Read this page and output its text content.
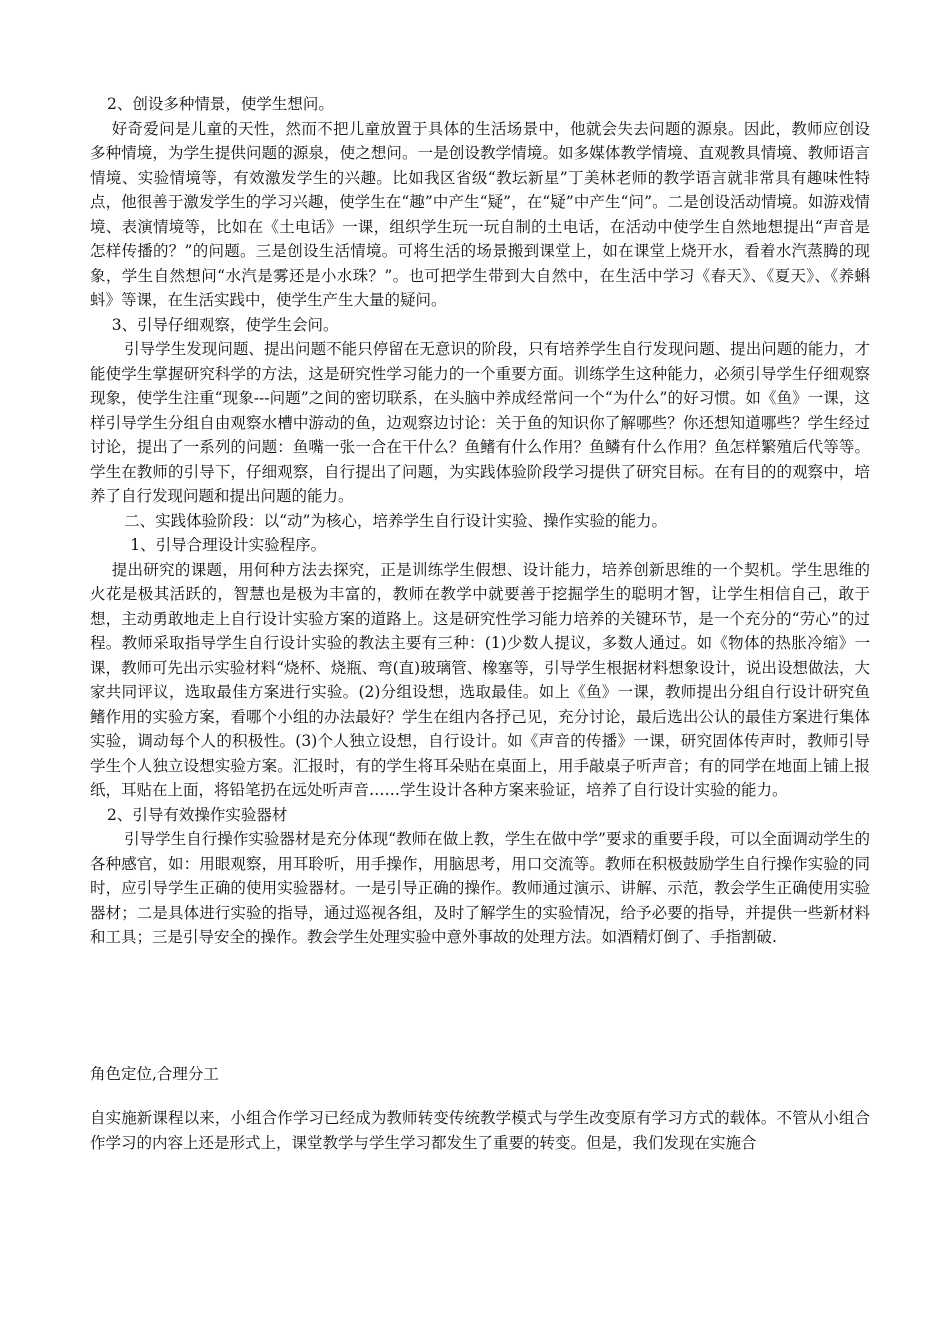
2、创设多种情景，使学生想问。

好奇爱问是儿童的天性，然而不把儿童放置于具体的生活场景中，他就会失去问题的源泉。因此，教师应创设多种情境，为学生提供问题的源泉，使之想问。一是创设教学情境。如多媒体教学情境、直观教具情境、教师语言情境、实验情境等，有效激发学生的兴趣。比如我区省级“教坛新星”丁美林老师的教学语言就非常具有趣味性特点，他很善于激发学生的学习兴趣，使学生在“趣”中产生“疑”，在“疑”中产生“问”。二是创设活动情境。如游戏情境、表演情境等，比如在《土电话》一课，组织学生玩一玩自制的土电话，在活动中使学生自然地想提出“声音是怎样传播的？”的问题。三是创设生活情境。可将生活的场景搬到课堂上，如在课堂上烧开水，看着水汽蒸腾的现象，学生自然想问“水汽是雾还是小水珠？”。也可把学生带到大自然中，在生活中学习《春天》、《夏天》、《养蝌蚪》等课，在生活实践中，使学生产生大量的疑问。

3、引导仔细观察，使学生会问。

引导学生发现问题、提出问题不能只停留在无意识的阶段，只有培养学生自行发现问题、提出问题的能力，才能使学生掌握研究科学的方法，这是研究性学习能力的一个重要方面。训练学生这种能力，必须引导学生仔细观察现象，使学生注重“现象---问题”之间的密切联系，在头脑中养成经常问一个“为什么”的好习惯。如《鱼》一课，这样引导学生分组自由观察水槽中游动的鱼，边观察边讨论：关于鱼的知识你了解哪些？你还想知道哪些？学生经过讨论，提出了一系列的问题：鱼嘴一张一合在干什么？鱼鳍有什么作用？鱼鳞有什么作用？鱼怎样繁殖后代等等。学生在教师的引导下，仔细观察，自行提出了问题，为实践体验阶段学习提供了研究目标。在有目的的观察中，培养了自行发现问题和提出问题的能力。

二、实践体验阶段：以“动”为核心，培养学生自行设计实验、操作实验的能力。

1、引导合理设计实验程序。

提出研究的课题，用何种方法去探究，正是训练学生假想、设计能力，培养创新思维的一个契机。学生思维的火花是极其活跃的，智慧也是极为丰富的，教师在教学中就要善于挖掘学生的聪明才智，让学生相信自己，敢于想，主动勇敢地走上自行设计实验方案的道路上。这是研究性学习能力培养的关键环节，是一个充分的“劳心”的过程。教师采取指导学生自行设计实验的教法主要有三种：(1)少数人提议，多数人通过。如《物体的热胀冷缩》一课，教师可先出示实验材料“烧杯、烧瓶、弯(直)玻璃管、橡塞等，引导学生根据材料想象设计，说出设想做法，大家共同评议，选取最佳方案进行实验。(2)分组设想，选取最佳。如上《鱼》一课，教师提出分组自行设计研究鱼鳍作用的实验方案，看哪个小组的办法最好？学生在组内各抒己见，充分讨论，最后选出公认的最佳方案进行集体实验，调动每个人的积极性。(3)个人独立设想，自行设计。如《声音的传播》一课，研究固体传声时，教师引导学生个人独立设想实验方案。汇报时，有的学生将耳朵贴在桌面上，用手敲桌子听声音；有的同学在地面上铺上报纸，耳贴在上面，将铅笔扔在远处听声音……学生设计各种方案来验证，培养了自行设计实验的能力。

2、引导有效操作实验器材

引导学生自行操作实验器材是充分体现“教师在做上教，学生在做中学”要求的重要手段，可以全面调动学生的各种感官，如：用眼观察，用耳聆听，用手操作，用脑思考，用口交流等。教师在积极鼓励学生自行操作实验的同时，应引导学生正确的使用实验器材。一是引导正确的操作。教师通过演示、讲解、示范，教会学生正确使用实验器材；二是具体进行实验的指导，通过巡视各组，及时了解学生的实验情况，给予必要的指导，并提供一些新材料和工具；三是引导安全的操作。教会学生处理实验中意外事故的处理方法。如酒精灯倒了、手指割破.

角色定位,合理分工

自实施新课程以来，小组合作学习已经成为教师转变传统教学模式与学生改变原有学习方式的载体。不管从小组合作学习的内容上还是形式上，课堂教学与学生学习都发生了重要的转变。但是，我们发现在实施合
